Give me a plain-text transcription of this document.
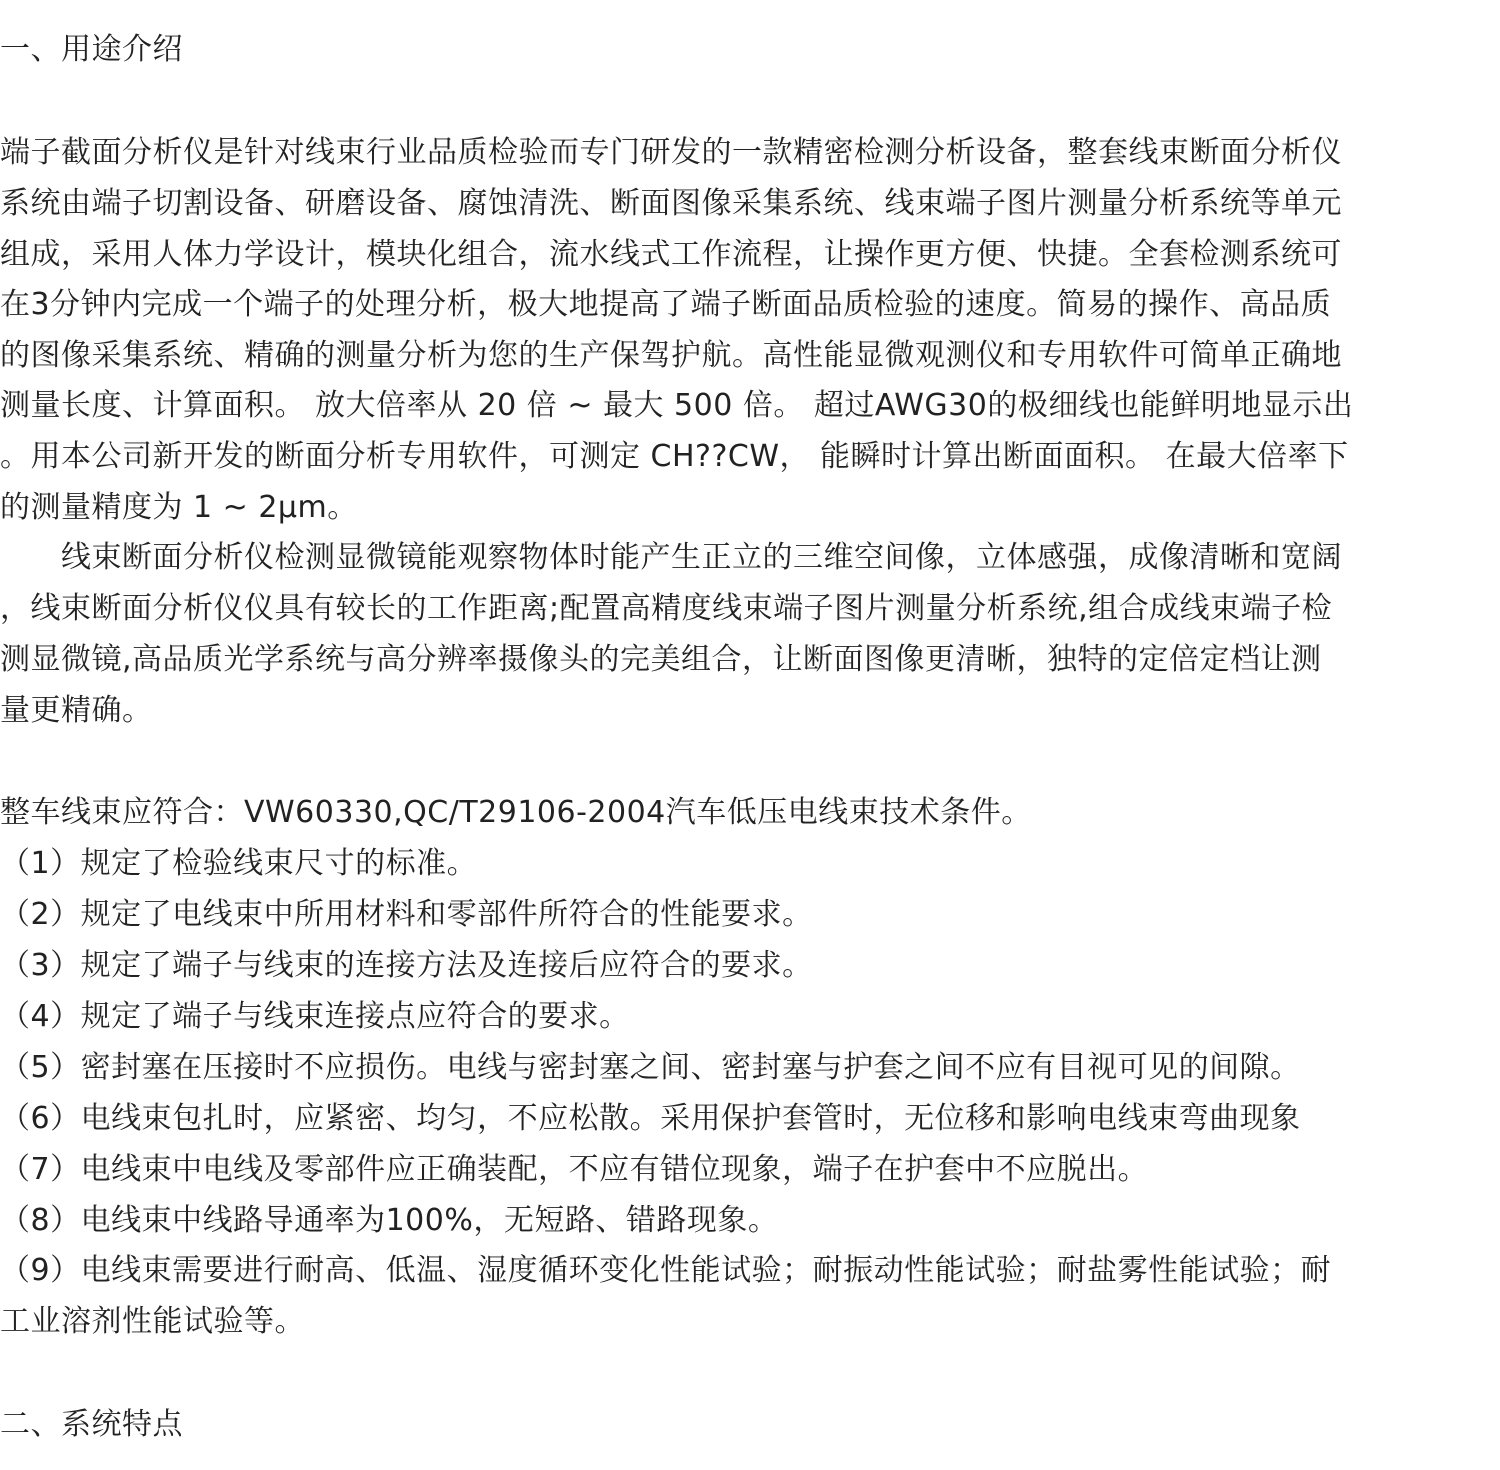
一、用途介绍
端子截面分析仪是针对线束行业品质检验而专门研发的一款精密检测分析设备，整套线束断面分析仪
系统由端子切割设备、研磨设备、腐蚀清洗、断面图像采集系统、线束端子图片测量分析系统等单元
组成，采用人体力学设计，模块化组合，流水线式工作流程，让操作更方便、快捷。全套检测系统可
在3分钟内完成一个端子的处理分析，极大地提高了端子断面品质检验的速度。简易的操作、高品质
的图像采集系统、精确的测量分析为您的生产保驾护航。高性能显微观测仪和专用软件可简单正确地
测量长度、计算面积。 放大倍率从 20 倍 ~ 最大 500 倍。 超过AWG30的极细线也能鲜明地显示出
。用本公司新开发的断面分析专用软件，可测定 CH??CW， 能瞬时计算出断面面积。 在最大倍率下
的测量精度为 1 ~ 2μm。
　　线束断面分析仪检测显微镜能观察物体时能产生正立的三维空间像，立体感强，成像清晰和宽阔
，线束断面分析仪仪具有较长的工作距离;配置高精度线束端子图片测量分析系统,组合成线束端子检
测显微镜,高品质光学系统与高分辨率摄像头的完美组合，让断面图像更清晰，独特的定倍定档让测
量更精确。
整车线束应符合：VW60330,QC/T29106-2004汽车低压电线束技术条件。
（1）规定了检验线束尺寸的标准。
（2）规定了电线束中所用材料和零部件所符合的性能要求。
（3）规定了端子与线束的连接方法及连接后应符合的要求。
（4）规定了端子与线束连接点应符合的要求。
（5）密封塞在压接时不应损伤。电线与密封塞之间、密封塞与护套之间不应有目视可见的间隙。
（6）电线束包扎时，应紧密、均匀，不应松散。采用保护套管时，无位移和影响电线束弯曲现象
（7）电线束中电线及零部件应正确装配，不应有错位现象，端子在护套中不应脱出。
（8）电线束中线路导通率为100%，无短路、错路现象。
（9）电线束需要进行耐高、低温、湿度循环变化性能试验；耐振动性能试验；耐盐雾性能试验；耐
工业溶剂性能试验等。
二、系统特点
